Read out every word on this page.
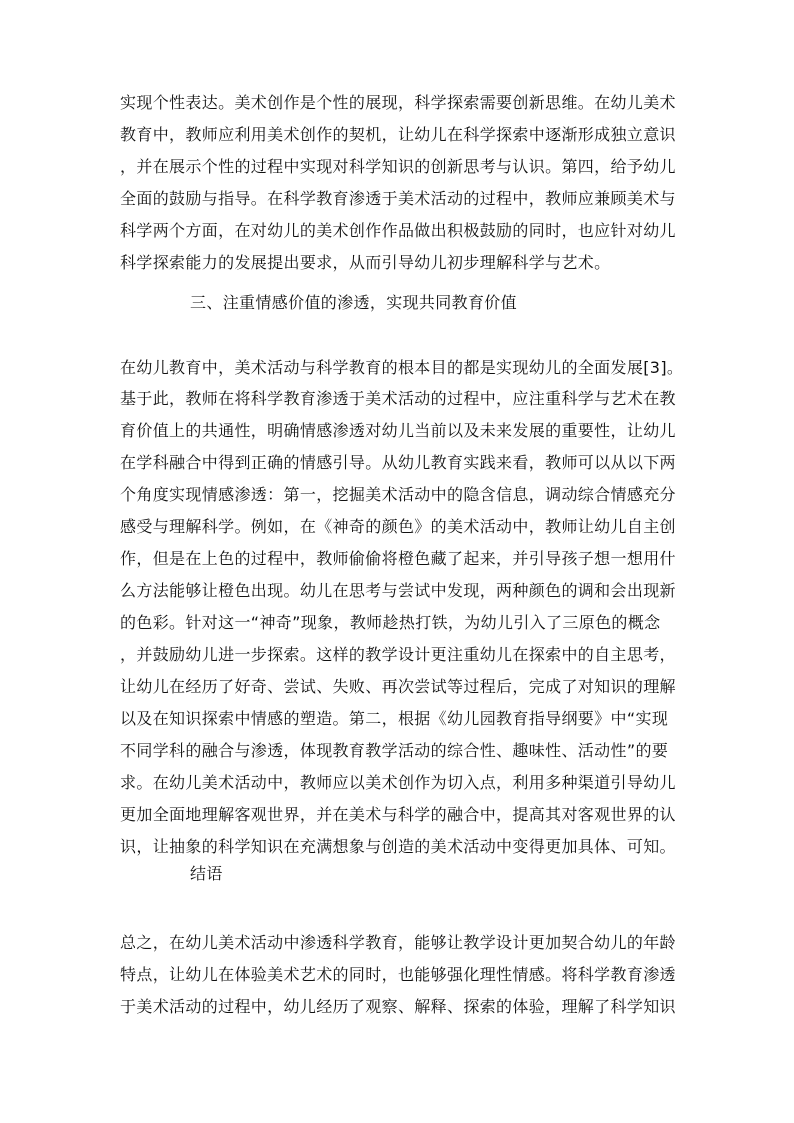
实现个性表达。美术创作是个性的展现，科学探索需要创新思维。在幼儿美术
教育中，教师应利用美术创作的契机，让幼儿在科学探索中逐渐形成独立意识
，并在展示个性的过程中实现对科学知识的创新思考与认识。第四，给予幼儿
全面的鼓励与指导。在科学教育渗透于美术活动的过程中，教师应兼顾美术与
科学两个方面，在对幼儿的美术创作作品做出积极鼓励的同时，也应针对幼儿
科学探索能力的发展提出要求，从而引导幼儿初步理解科学与艺术。
三、注重情感价值的渗透，实现共同教育价值
在幼儿教育中，美术活动与科学教育的根本目的都是实现幼儿的全面发展[3]。
基于此，教师在将科学教育渗透于美术活动的过程中，应注重科学与艺术在教
育价值上的共通性，明确情感渗透对幼儿当前以及未来发展的重要性，让幼儿
在学科融合中得到正确的情感引导。从幼儿教育实践来看，教师可以从以下两
个角度实现情感渗透：第一，挖掘美术活动中的隐含信息，调动综合情感充分
感受与理解科学。例如，在《神奇的颜色》的美术活动中，教师让幼儿自主创
作，但是在上色的过程中，教师偷偷将橙色藏了起来，并引导孩子想一想用什
么方法能够让橙色出现。幼儿在思考与尝试中发现，两种颜色的调和会出现新
的色彩。针对这一“神奇”现象，教师趁热打铁，为幼儿引入了三原色的概念
，并鼓励幼儿进一步探索。这样的教学设计更注重幼儿在探索中的自主思考，
让幼儿在经历了好奇、尝试、失败、再次尝试等过程后，完成了对知识的理解
以及在知识探索中情感的塑造。第二，根据《幼儿园教育指导纲要》中“实现
不同学科的融合与渗透，体现教育教学活动的综合性、趣味性、活动性”的要
求。在幼儿美术活动中，教师应以美术创作为切入点，利用多种渠道引导幼儿
更加全面地理解客观世界，并在美术与科学的融合中，提高其对客观世界的认
识，让抽象的科学知识在充满想象与创造的美术活动中变得更加具体、可知。
结语
总之，在幼儿美术活动中渗透科学教育，能够让教学设计更加契合幼儿的年龄
特点，让幼儿在体验美术艺术的同时，也能够强化理性情感。将科学教育渗透
于美术活动的过程中，幼儿经历了观察、解释、探索的体验，理解了科学知识
